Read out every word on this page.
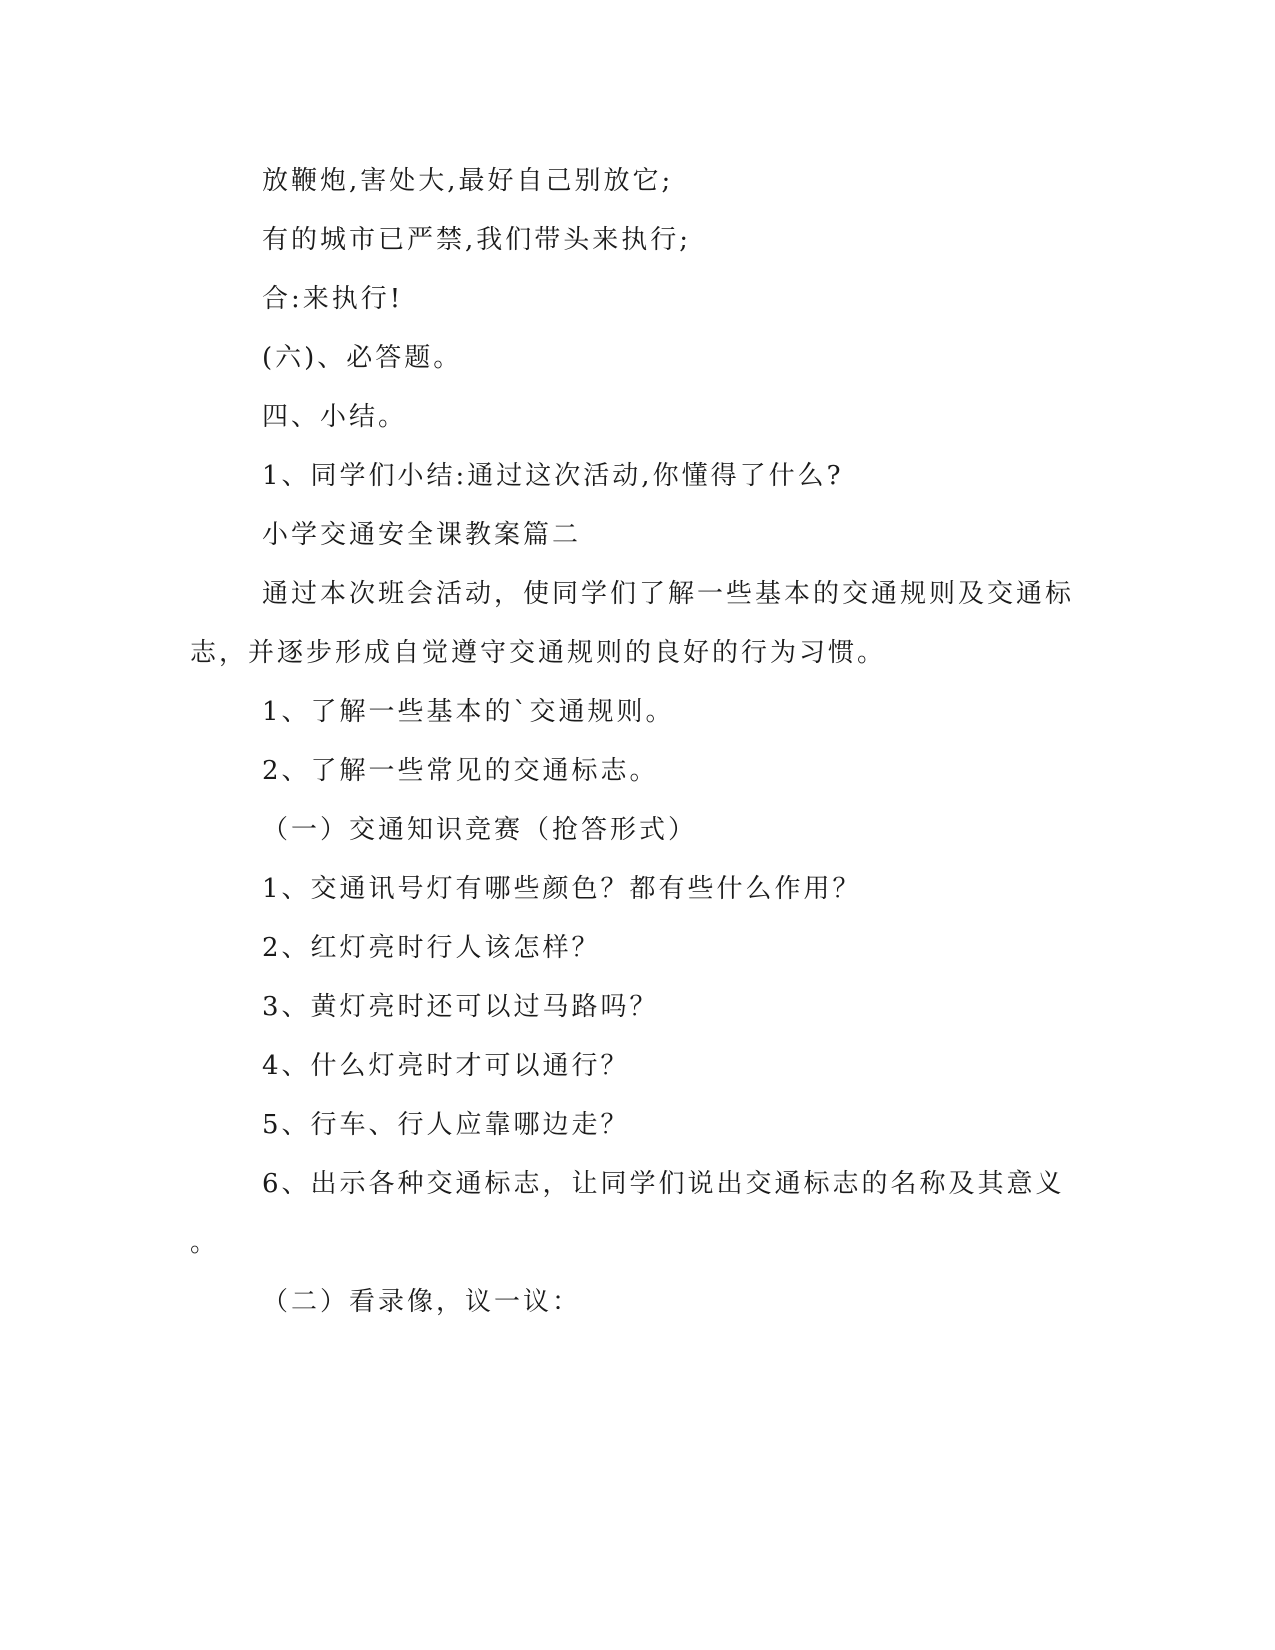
放鞭炮,害处大,最好自己别放它;
有的城市已严禁,我们带头来执行;
合:来执行!
(六)、必答题。
四、小结。
1、同学们小结:通过这次活动,你懂得了什么?
小学交通安全课教案篇二
通过本次班会活动，使同学们了解一些基本的交通规则及交通标
志，并逐步形成自觉遵守交通规则的良好的行为习惯。
1、了解一些基本的`交通规则。
2、了解一些常见的交通标志。
（一）交通知识竞赛（抢答形式）
1、交通讯号灯有哪些颜色？都有些什么作用？
2、红灯亮时行人该怎样？
3、黄灯亮时还可以过马路吗？
4、什么灯亮时才可以通行？
5、行车、行人应靠哪边走？
6、出示各种交通标志，让同学们说出交通标志的名称及其意义
。
（二）看录像，议一议：
